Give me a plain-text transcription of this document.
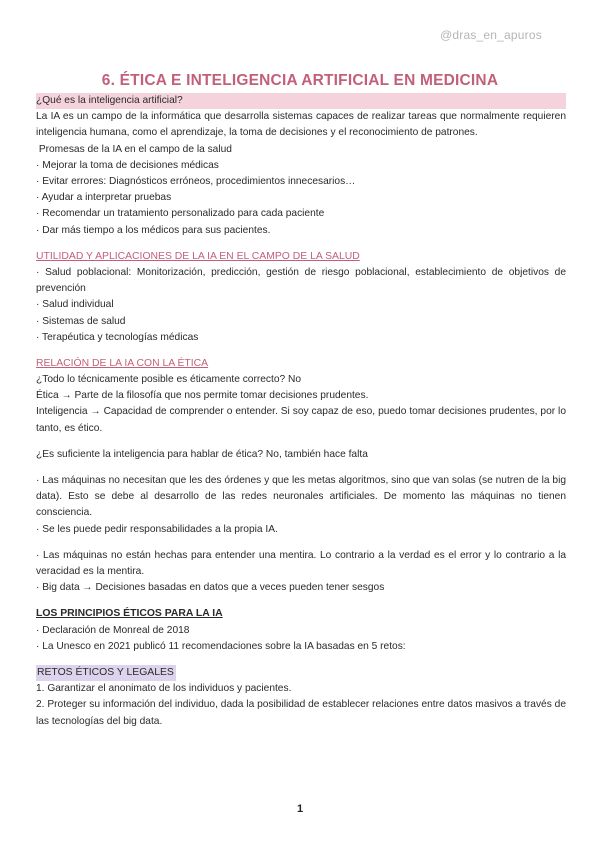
@dras_en_apuros
6. ÉTICA E INTELIGENCIA ARTIFICIAL EN MEDICINA
¿Qué es la inteligencia artificial?
La IA es un campo de la informática que desarrolla sistemas capaces de realizar tareas que normalmente requieren inteligencia humana, como el aprendizaje, la toma de decisiones y el reconocimiento de patrones.
Promesas de la IA en el campo de la salud
· Mejorar la toma de decisiones médicas
· Evitar errores: Diagnósticos erróneos, procedimientos innecesarios…
· Ayudar a interpretar pruebas
· Recomendar un tratamiento personalizado para cada paciente
· Dar más tiempo a los médicos para sus pacientes.
UTILIDAD Y APLICACIONES DE LA IA EN EL CAMPO DE LA SALUD
· Salud poblacional: Monitorización, predicción, gestión de riesgo poblacional, establecimiento de objetivos de prevención
· Salud individual
· Sistemas de salud
· Terapéutica y tecnologías médicas
RELACIÓN DE LA IA CON LA ÉTICA
¿Todo lo técnicamente posible es éticamente correcto? No
Ética → Parte de la filosofía que nos permite tomar decisiones prudentes.
Inteligencia → Capacidad de comprender o entender. Si soy capaz de eso, puedo tomar decisiones prudentes, por lo tanto, es ético.
¿Es suficiente la inteligencia para hablar de ética? No, también hace falta
· Las máquinas no necesitan que les des órdenes y que les metas algoritmos, sino que van solas (se nutren de la big data). Esto se debe al desarrollo de las redes neuronales artificiales. De momento las máquinas no tienen consciencia.
· Se les puede pedir responsabilidades a la propia IA.
· Las máquinas no están hechas para entender una mentira. Lo contrario a la verdad es el error y lo contrario a la veracidad es la mentira.
· Big data → Decisiones basadas en datos que a veces pueden tener sesgos
LOS PRINCIPIOS ÉTICOS PARA LA IA
· Declaración de Monreal de 2018
· La Unesco en 2021 publicó 11 recomendaciones sobre la IA basadas en 5 retos:
RETOS ÉTICOS Y LEGALES
1. Garantizar el anonimato de los individuos y pacientes.
2. Proteger su información del individuo, dada la posibilidad de establecer relaciones entre datos masivos a través de las tecnologías del big data.
1
